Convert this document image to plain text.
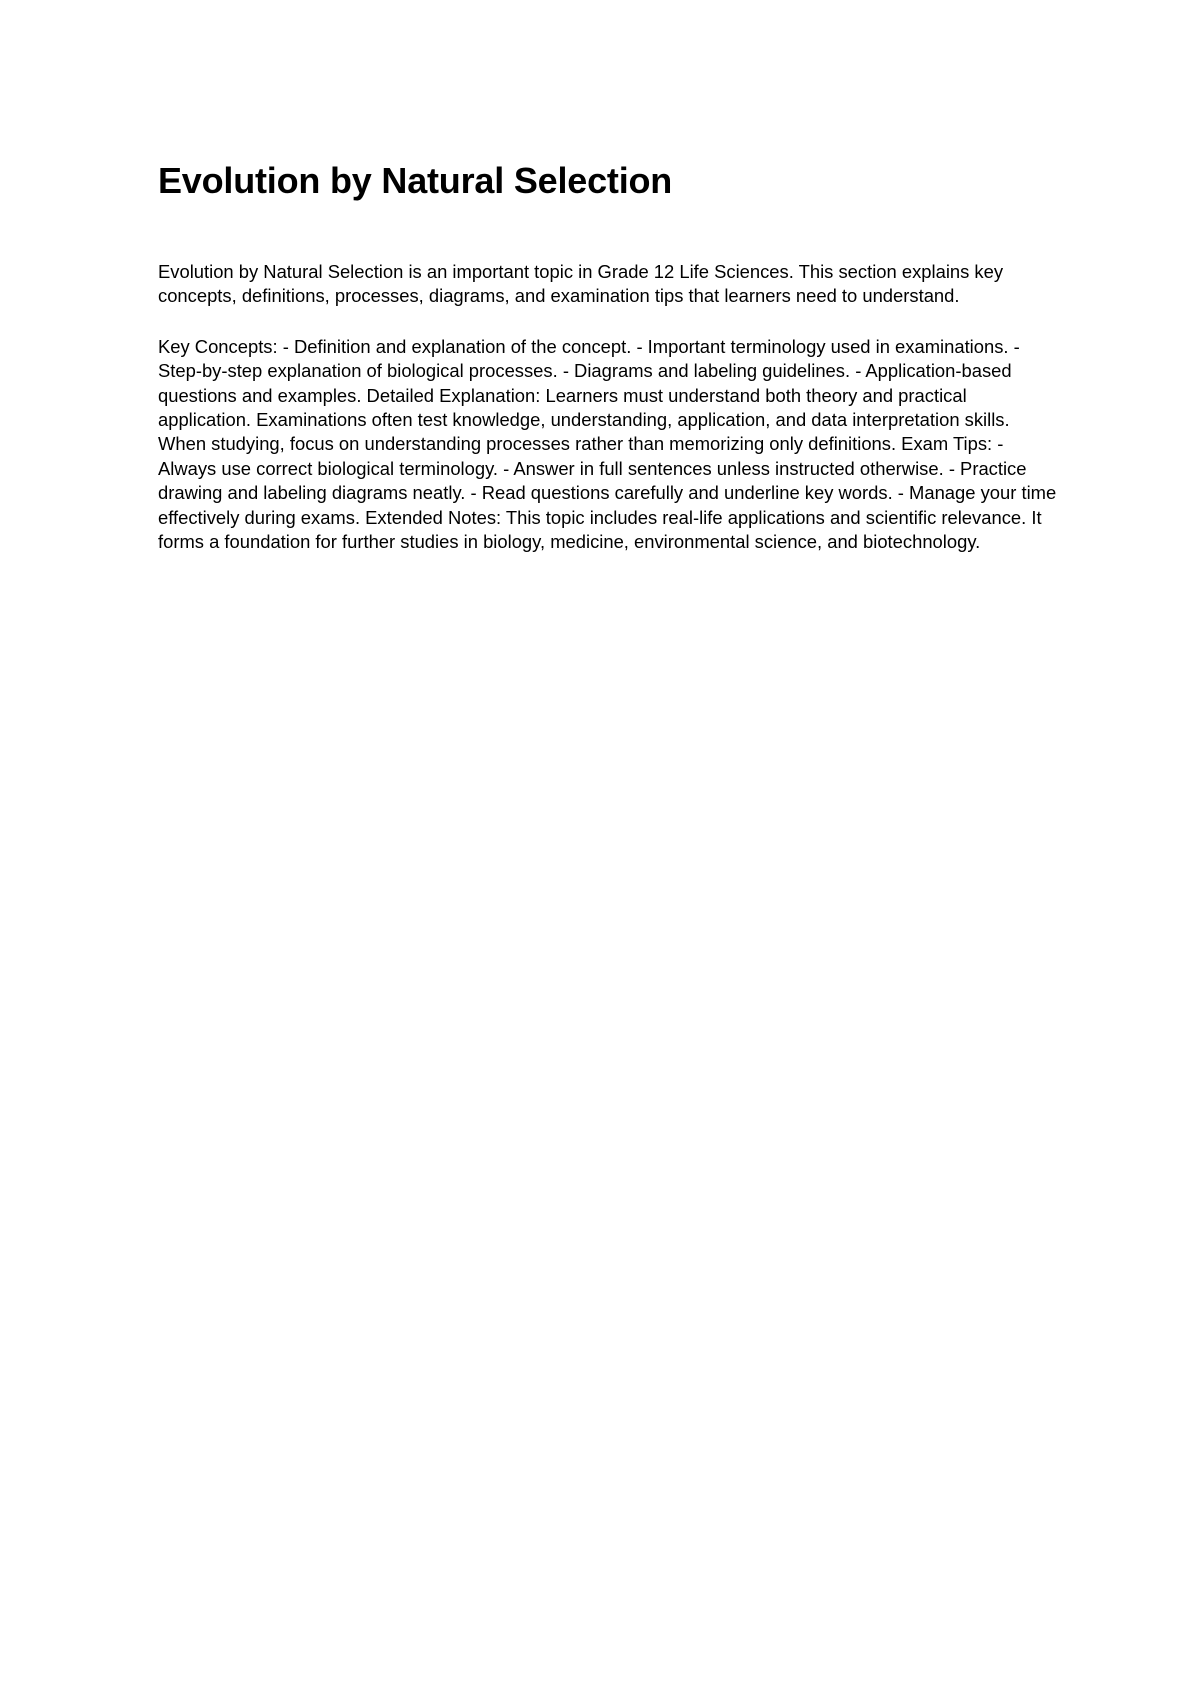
Evolution by Natural Selection

Evolution by Natural Selection is an important topic in Grade 12 Life Sciences. This section explains key concepts, definitions, processes, diagrams, and examination tips that learners need to understand.

Key Concepts: - Definition and explanation of the concept. - Important terminology used in examinations. - Step-by-step explanation of biological processes. - Diagrams and labeling guidelines. - Application-based questions and examples. Detailed Explanation: Learners must understand both theory and practical application. Examinations often test knowledge, understanding, application, and data interpretation skills. When studying, focus on understanding processes rather than memorizing only definitions. Exam Tips: - Always use correct biological terminology. - Answer in full sentences unless instructed otherwise. - Practice drawing and labeling diagrams neatly. - Read questions carefully and underline key words. - Manage your time effectively during exams. Extended Notes: This topic includes real-life applications and scientific relevance. It forms a foundation for further studies in biology, medicine, environmental science, and biotechnology.
